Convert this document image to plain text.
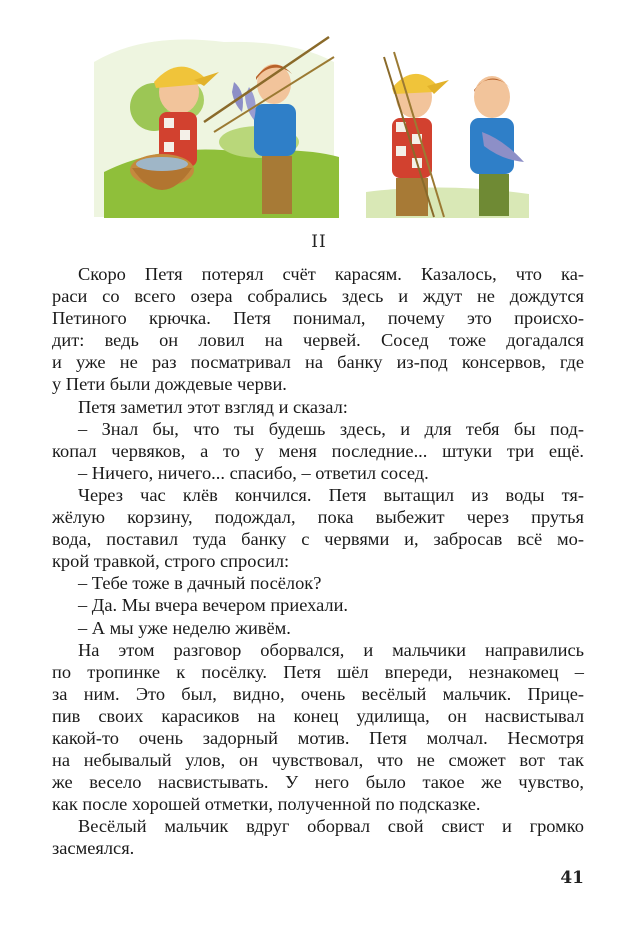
II
Скоро Петя потерял счёт карасям. Казалось, что ка-
раси со всего озера собрались здесь и ждут не дождутся
Петиного крючка. Петя понимал, почему это происхо-
дит: ведь он ловил на червей. Сосед тоже догадался
и уже не раз посматривал на банку из-под консервов, где
у Пети были дождевые черви.
Петя заметил этот взгляд и сказал:
– Знал бы, что ты будешь здесь, и для тебя бы под-
копал червяков, а то у меня последние... штуки три ещё.
– Ничего, ничего... спасибо, – ответил сосед.
Через час клёв кончился. Петя вытащил из воды тя-
жёлую корзину, подождал, пока выбежит через прутья
вода, поставил туда банку с червями и, забросав всё мо-
крой травкой, строго спросил:
– Тебе тоже в дачный посёлок?
– Да. Мы вчера вечером приехали.
– А мы уже неделю живём.
На этом разговор оборвался, и мальчики направились
по тропинке к посёлку. Петя шёл впереди, незнакомец –
за ним. Это был, видно, очень весёлый мальчик. Прице-
пив своих карасиков на конец удилища, он насвистывал
какой-то очень задорный мотив. Петя молчал. Несмотря
на небывалый улов, он чувствовал, что не сможет вот так
же весело насвистывать. У него было такое же чувство,
как после хорошей отметки, полученной по подсказке.
Весёлый мальчик вдруг оборвал свой свист и громко
засмеялся.
41
